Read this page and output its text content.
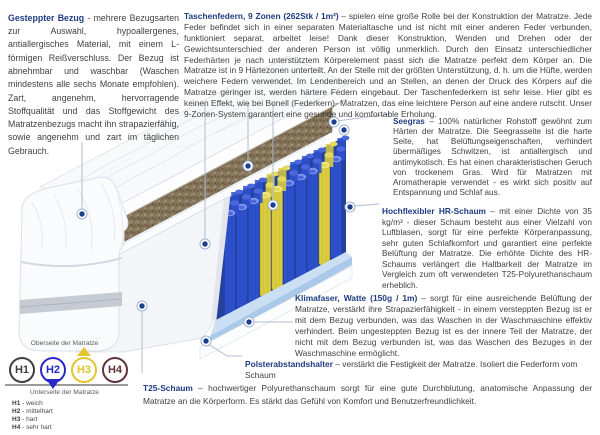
Gesteppter Bezug - mehrere Bezugsarten zur Auswahl, hypoallergenes, antiallergisches Material, mit einem L-förmigen Reißverschluss. Der Bezug ist abnehmbar und waschbar (Waschen mindestens alle sechs Monate empfohlen). Zart, angenehm, hervorragende Stoffqualität und das Stoffgewicht des Matratzenbezugs macht ihn strapazierfähig, sowie angenehm und zart im täglichen Gebrauch.

Taschenfedern, 9 Zonen (262Stk / 1m²) – spielen eine große Rolle bei der Konstruktion der Matratze. Jede Feder befindet sich in einer separaten Materialtasche und ist nicht mit einer anderen Feder verbunden, funktioniert separat, arbeitet leise! Dank dieser Konstruktion, Wenden und Drehen oder der Gewichtsunterschied der anderen Person ist völlig unmerklich. Durch den Einsatz unterschiedlicher Federhärten je nach unterstütztem Körperelement passt sich die Matratze perfekt dem Körper an. Die Matratze ist in 9 Härtezonen unterteilt. An der Stelle mit der größten Unterstützung, d. h. um die Hüfte, werden weichere Federn verwendet. Im Lendenbereich und an Stellen, an denen der Druck des Körpers auf die Matratze geringer ist, werden härtere Federn eingebaut. Der Taschenfederkern ist sehr leise. Hier gibt es keinen Effekt, wie bei Bonell (Federkern)- Matratzen, das eine leichtere Person auf eine andere rutscht. Unser 9-Zonen-System garantiert eine gesunde und komfortable Erholung.

Seegras – 100% natürlicher Rohstoff gewöhnt zum Härten der Matratze. Die Seegrasseite ist die harte Seite, hat Belüftungseigenschaften, verhindert übermäßiges Schwitzen, ist antiallergisch und antimykotisch. Es hat einen charakteristischen Geruch von trockenem Gras. Wird für Matratzen mit Aromatherapie verwendet - es wirkt sich positiv auf Entspannung und Schlaf aus.

Hochflexibler HR-Schaum – mit einer Dichte von 35 kg/m³ - dieser Schaum besteht aus einer Vielzahl von Luftblasen, sorgt für eine perfekte Körperanpassung, sehr guten Schlafkomfort und garantiert eine perfekte Belüftung der Matratze. Die erhöhte Dichte des HR-Schaums verlängert die Haltbarkeit der Matratze im Vergleich zum oft verwendeten T25-Polyurethanschaum erheblich.

Klimafaser, Watte (150g / 1m) – sorgt für eine ausreichende Belüftung der Matratze, verstärkt ihre Strapazierfähigkeit - in einem versteppten Bezug ist er mit dem Bezug verbunden, was das Waschen in der Waschmaschine effektiv verhindert. Beim ungesteppten Bezug ist es der innere Teil der Matratze, der nicht mit dem Bezug verbunden ist, was das Waschen des Bezuges in der Waschmaschine ermöglicht.

Polsterabstandshalter – verstärkt die Festigkeit der Matratze. Isoliert die Federform vom Schaum

T25-Schaum – hochwertiger Polyurethanschaum sorgt für eine gute Durchblutung, anatomische Anpassung der Matratze an die Körperform. Es stärkt das Gefühl von Komfort und Benutzerfreundlichkeit.

Oberseite der Matratze
H1	H2	H3	H4
Unterseite der Matratze
H1 - weich
H2 - mittelhart
H3 - hart
H4 - sehr hart
